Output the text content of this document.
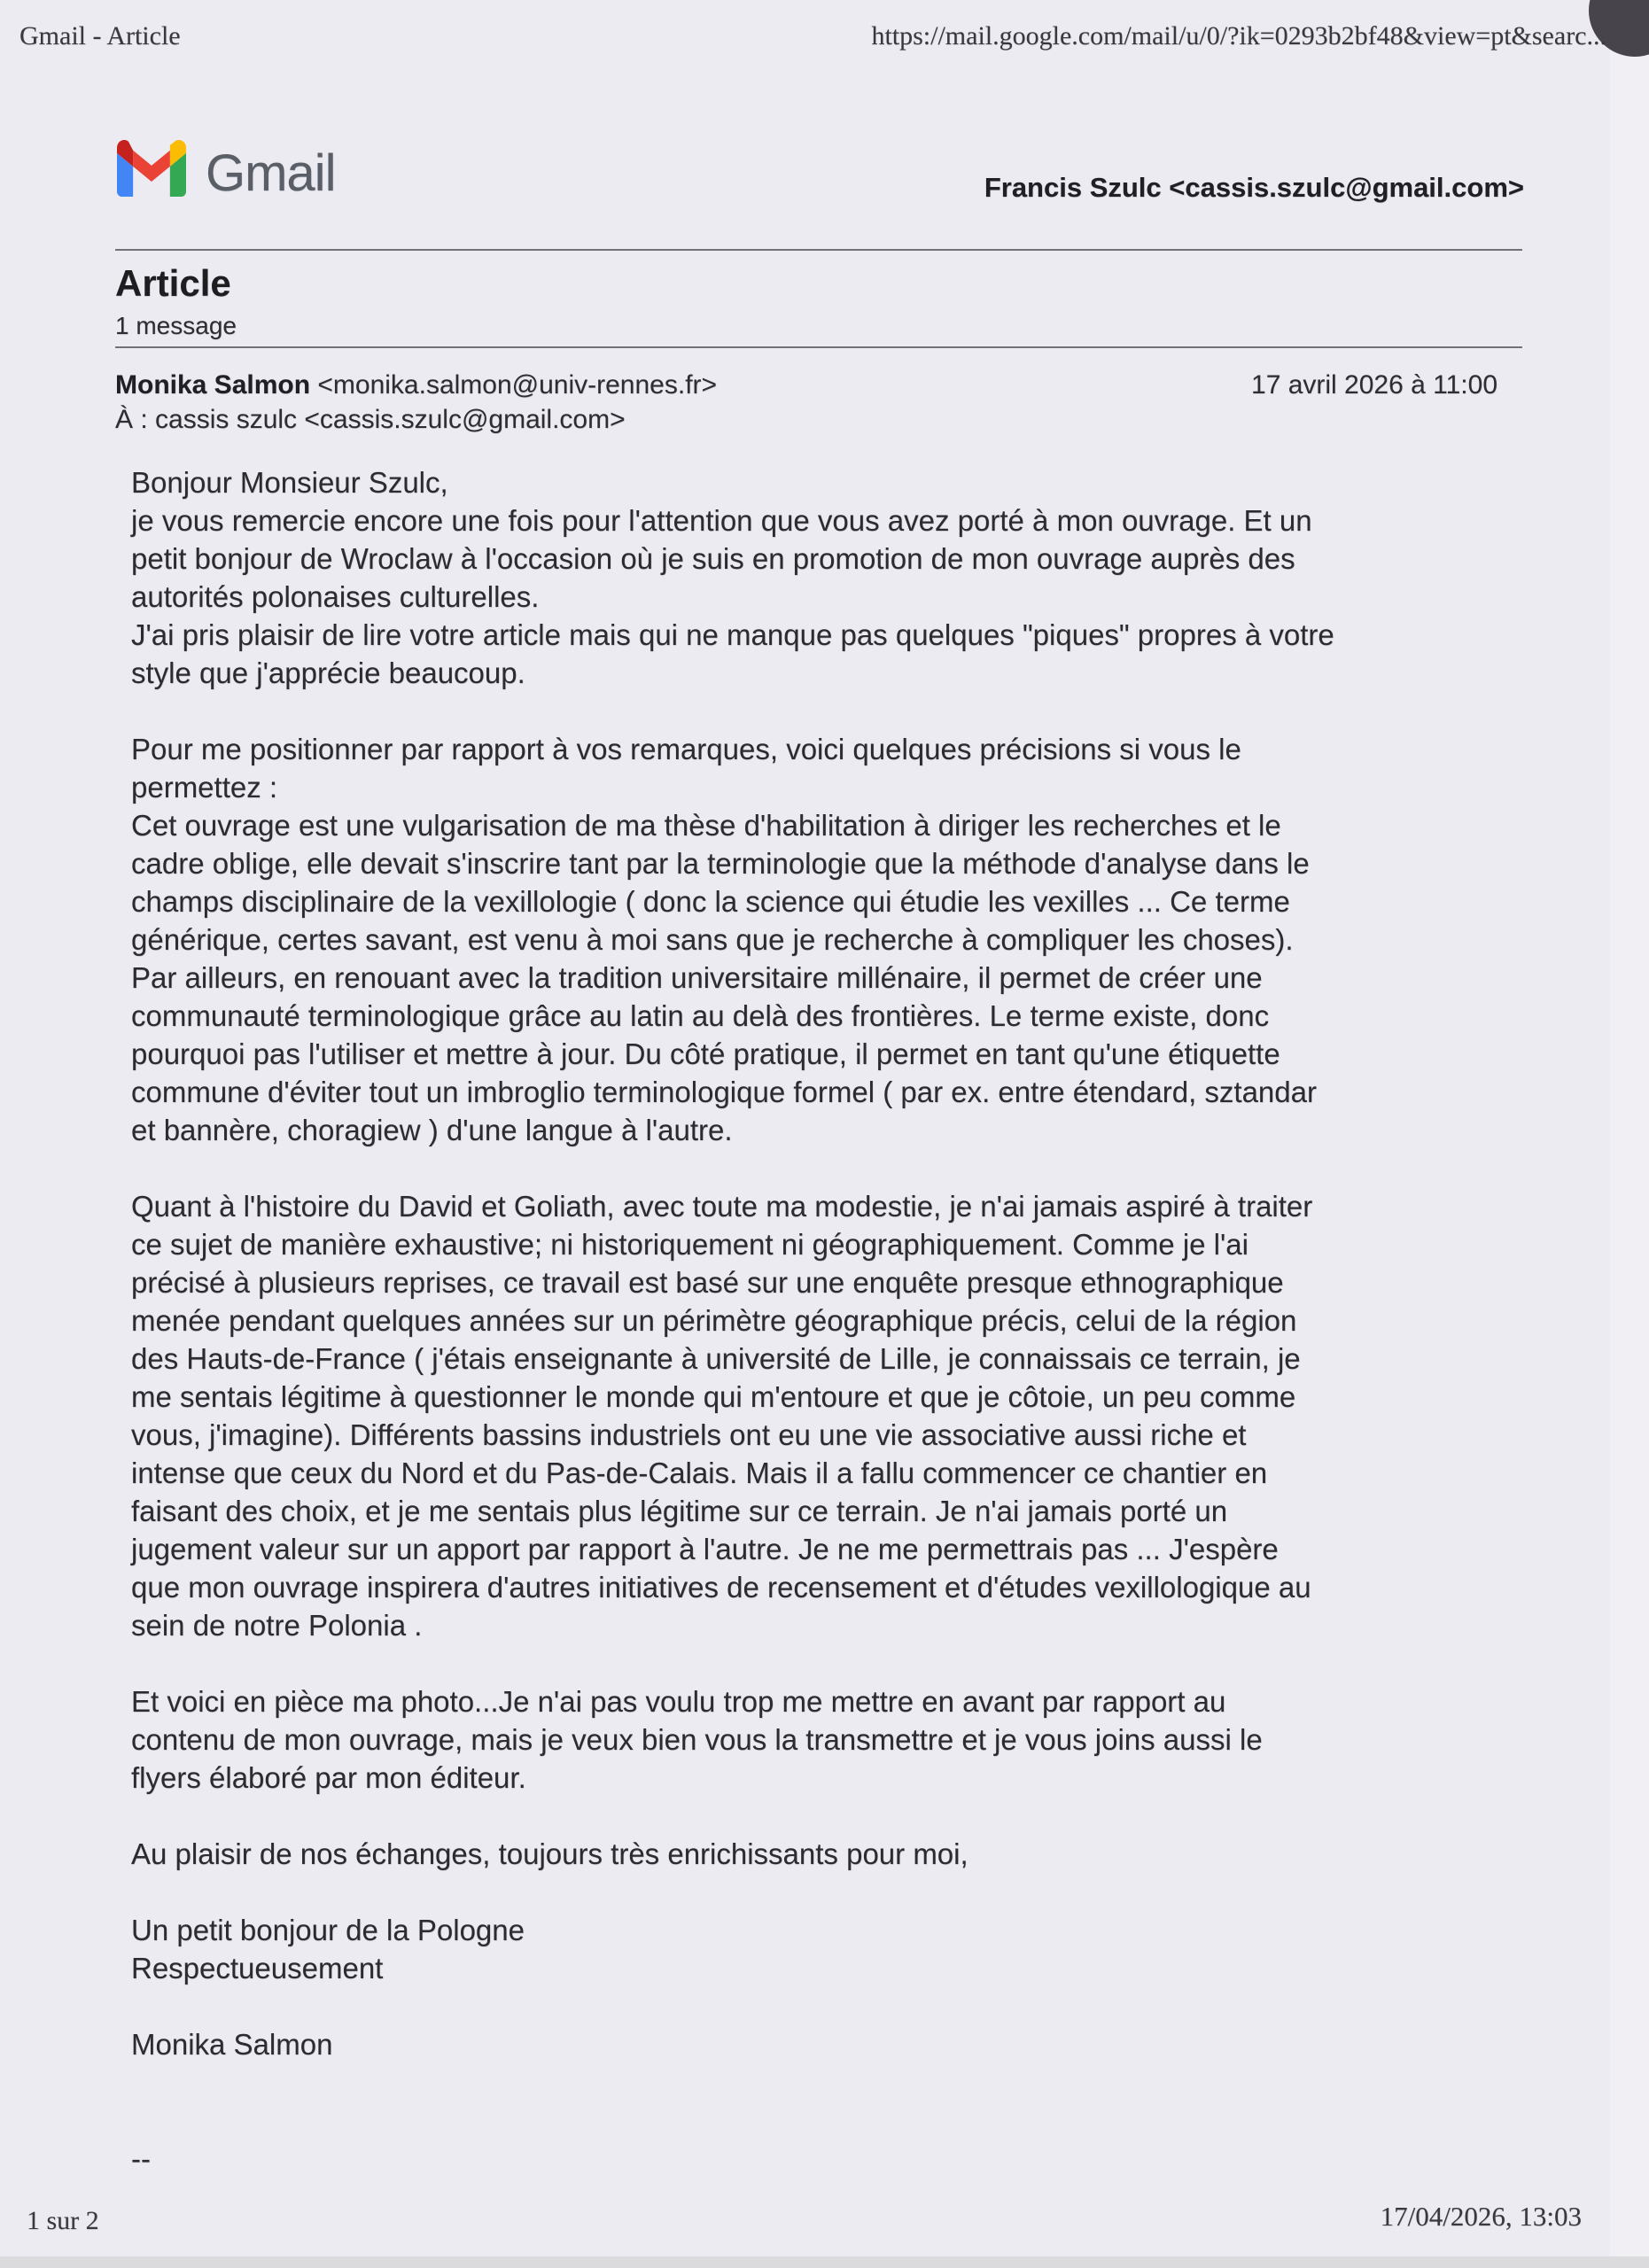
Gmail - Article	https://mail.google.com/mail/u/0/?ik=0293b2bf48&view=pt&searc...
Gmail	Francis Szulc <cassis.szulc@gmail.com>
Article
1 message
Monika Salmon <monika.salmon@univ-rennes.fr>	17 avril 2026 à 11:00
À : cassis szulc <cassis.szulc@gmail.com>
Bonjour Monsieur Szulc,
je vous remercie encore une fois pour l'attention que vous avez porté à mon ouvrage. Et un
petit bonjour de Wroclaw à l'occasion où je suis en promotion de mon ouvrage auprès des
autorités polonaises culturelles.
J'ai pris plaisir de lire votre article mais qui ne manque pas quelques "piques" propres à votre
style que j'apprécie beaucoup.
Pour me positionner par rapport à vos remarques, voici quelques précisions si vous le
permettez :
Cet ouvrage est une vulgarisation de ma thèse d'habilitation à diriger les recherches et le
cadre oblige, elle devait s'inscrire tant par la terminologie que la méthode d'analyse dans le
champs disciplinaire de la vexillologie ( donc la science qui étudie les vexilles ... Ce terme
générique, certes savant, est venu à moi sans que je recherche à compliquer les choses).
Par ailleurs, en renouant avec la tradition universitaire millénaire, il permet de créer une
communauté terminologique grâce au latin au delà des frontières. Le terme existe, donc
pourquoi pas l'utiliser et mettre à jour. Du côté pratique, il permet en tant qu'une étiquette
commune d'éviter tout un imbroglio terminologique formel ( par ex. entre étendard, sztandar
et bannère, choragiew ) d'une langue à l'autre.
Quant à l'histoire du David et Goliath, avec toute ma modestie, je n'ai jamais aspiré à traiter
ce sujet de manière exhaustive; ni historiquement ni géographiquement. Comme je l'ai
précisé à plusieurs reprises, ce travail est basé sur une enquête presque ethnographique
menée pendant quelques années sur un périmètre géographique précis, celui de la région
des Hauts-de-France ( j'étais enseignante à université de Lille, je connaissais ce terrain, je
me sentais légitime à questionner le monde qui m'entoure et que je côtoie, un peu comme
vous, j'imagine). Différents bassins industriels ont eu une vie associative aussi riche et
intense que ceux du Nord et du Pas-de-Calais. Mais il a fallu commencer ce chantier en
faisant des choix, et je me sentais plus légitime sur ce terrain. Je n'ai jamais porté un
jugement valeur sur un apport par rapport à l'autre. Je ne me permettrais pas ... J'espère
que mon ouvrage inspirera d'autres initiatives de recensement et d'études vexillologique au
sein de notre Polonia .
Et voici en pièce ma photo...Je n'ai pas voulu trop me mettre en avant par rapport au
contenu de mon ouvrage, mais je veux bien vous la transmettre et je vous joins aussi le
flyers élaboré par mon éditeur.
Au plaisir de nos échanges, toujours très enrichissants pour moi,
Un petit bonjour de la Pologne
Respectueusement
Monika Salmon
--
1 sur 2	17/04/2026, 13:03
